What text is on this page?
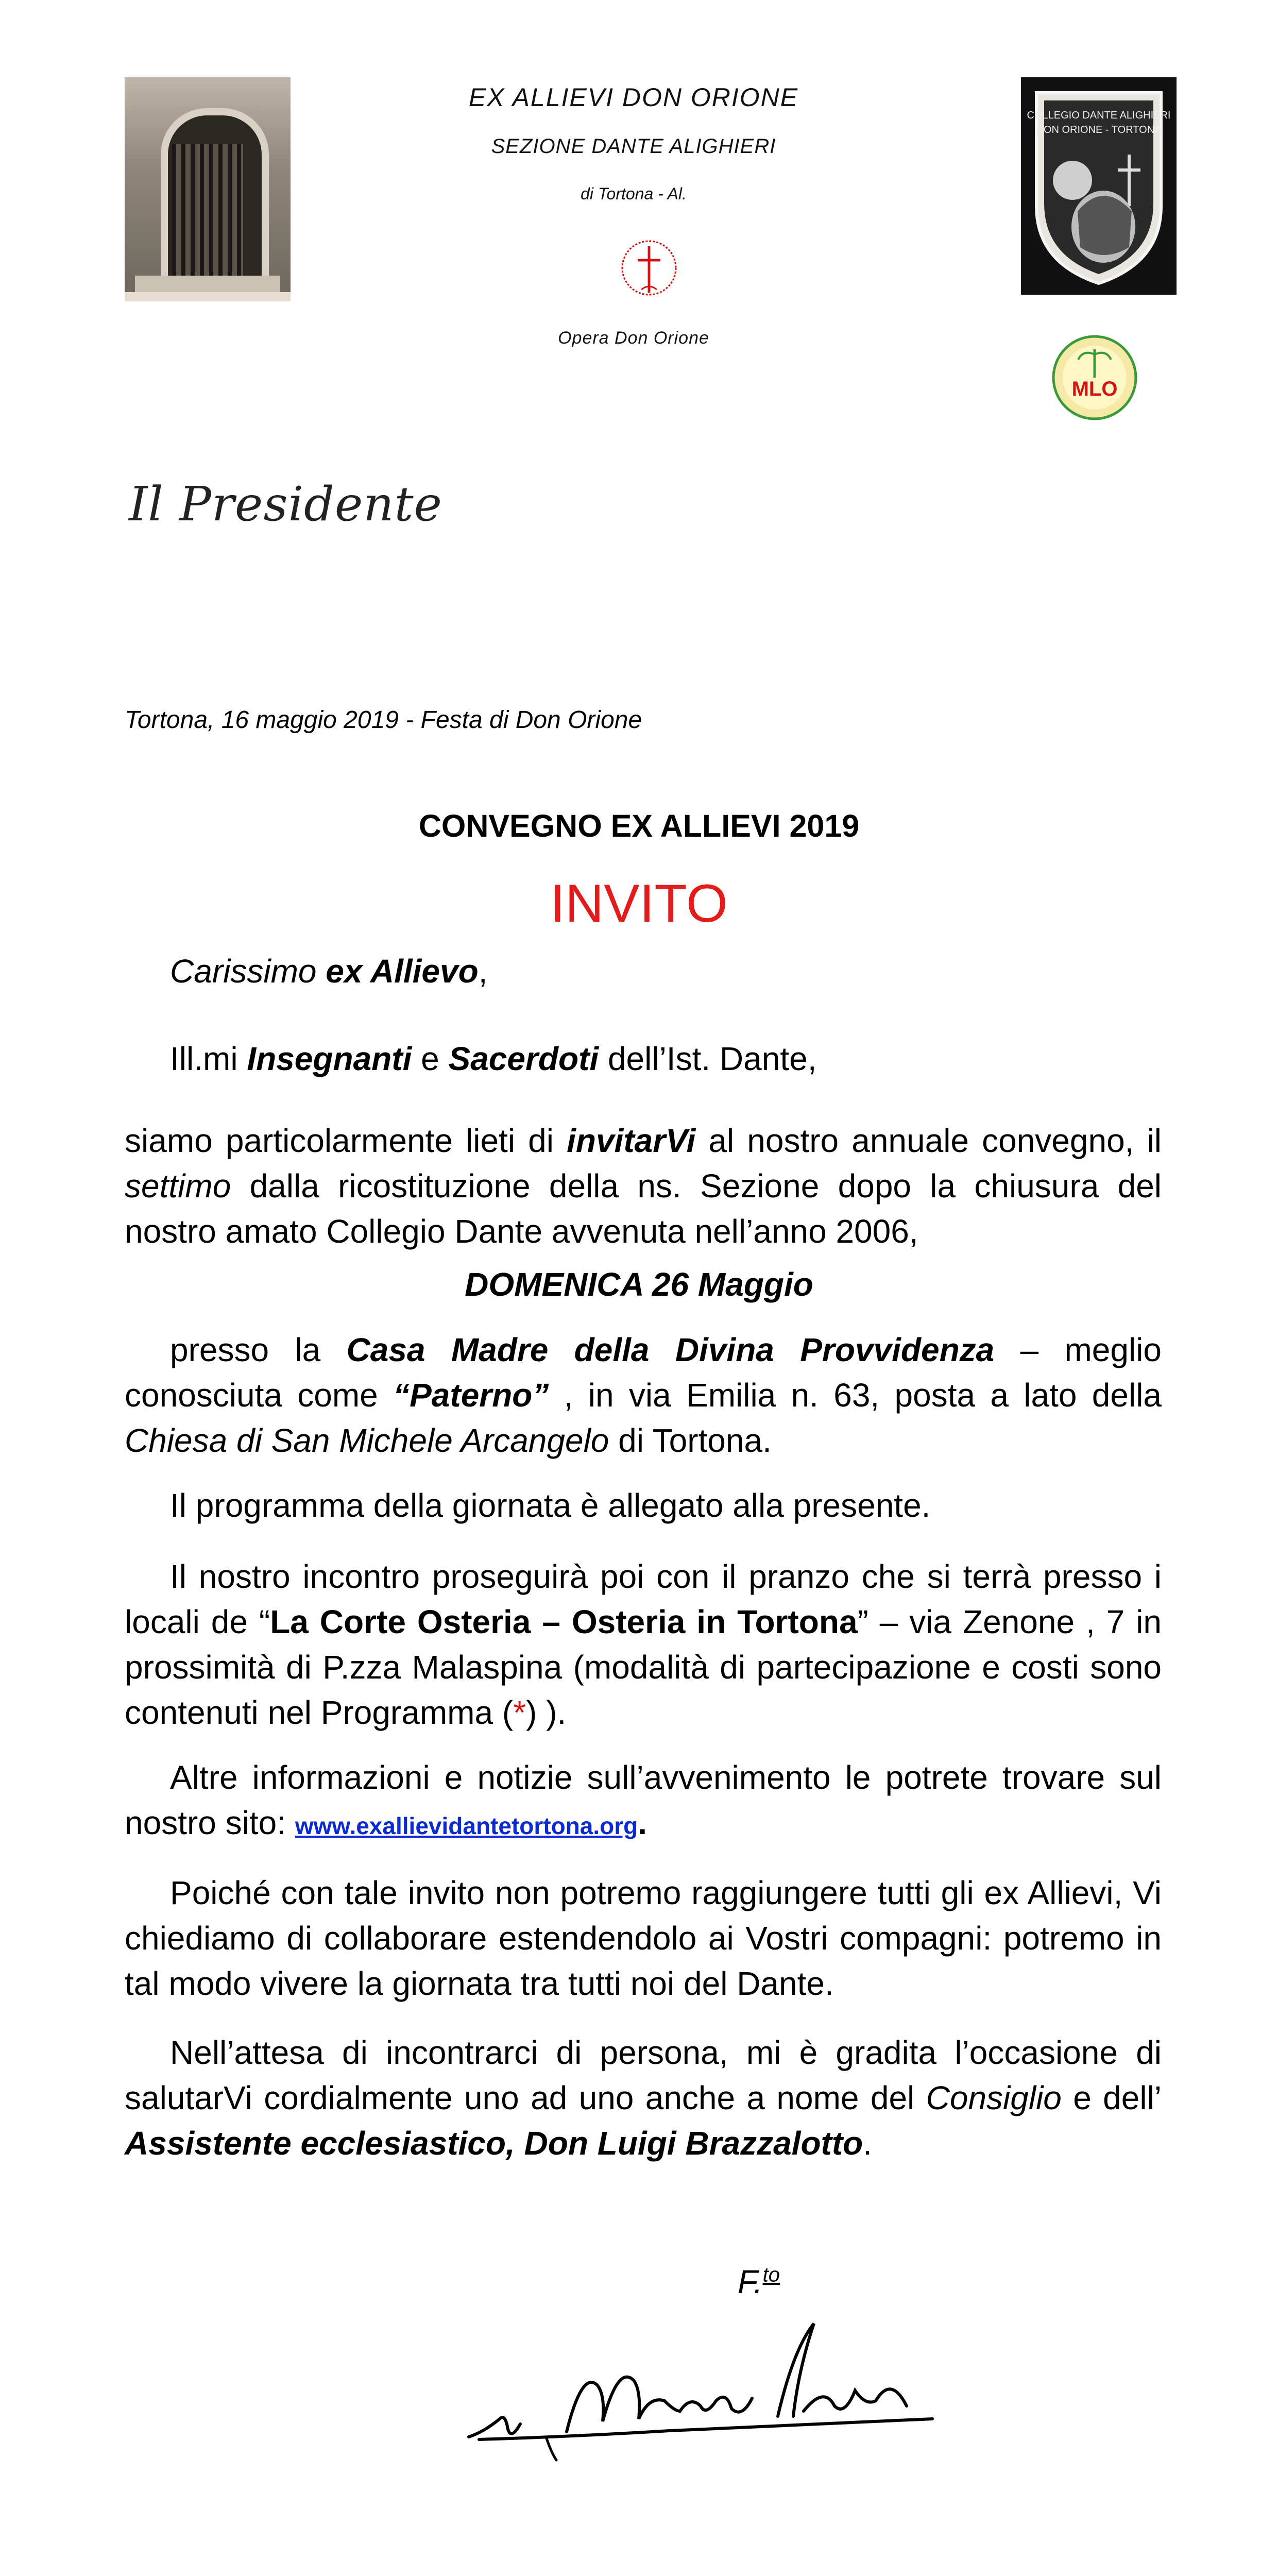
EX ALLIEVI DON ORIONE
SEZIONE DANTE ALIGHIERI
di Tortona - Al.
Opera Don Orione
COLLEGIO DANTE ALIGHIERI
DON ORIONE - TORTONA
MLO
Il Presidente
Tortona, 16 maggio 2019 - Festa di Don Orione
CONVEGNO EX ALLIEVI 2019
INVITO
Carissimo ex Allievo,
Ill.mi Insegnanti e Sacerdoti dell’Ist. Dante,
siamo particolarmente lieti di invitarVi al nostro annuale convegno, il settimo dalla ricostituzione della ns. Sezione dopo la chiusura del nostro amato Collegio Dante avvenuta nell’anno 2006,
DOMENICA 26 Maggio
presso la Casa Madre della Divina Provvidenza – meglio conosciuta come “Paterno” , in via Emilia n. 63, posta a lato della Chiesa di San Michele Arcangelo di Tortona.
Il programma della giornata è allegato alla presente.
Il nostro incontro proseguirà poi con il pranzo che si terrà presso i locali de “La Corte Osteria – Osteria in Tortona” – via Zenone , 7 in prossimità di P.zza Malaspina (modalità di partecipazione e costi sono contenuti nel Programma (*) ).
Altre informazioni e notizie sull’avvenimento le potrete trovare sul nostro sito: www.exallievidantetortona.org.
Poiché con tale invito non potremo raggiungere tutti gli ex Allievi, Vi chiediamo di collaborare estendendolo ai Vostri compagni: potremo in tal modo vivere la giornata tra tutti noi del Dante.
Nell’attesa di incontrarci di persona, mi è gradita l’occasione di salutarVi cordialmente uno ad uno anche a nome del Consiglio e dell’ Assistente ecclesiastico, Don Luigi Brazzalotto.
F.$^{to}$
